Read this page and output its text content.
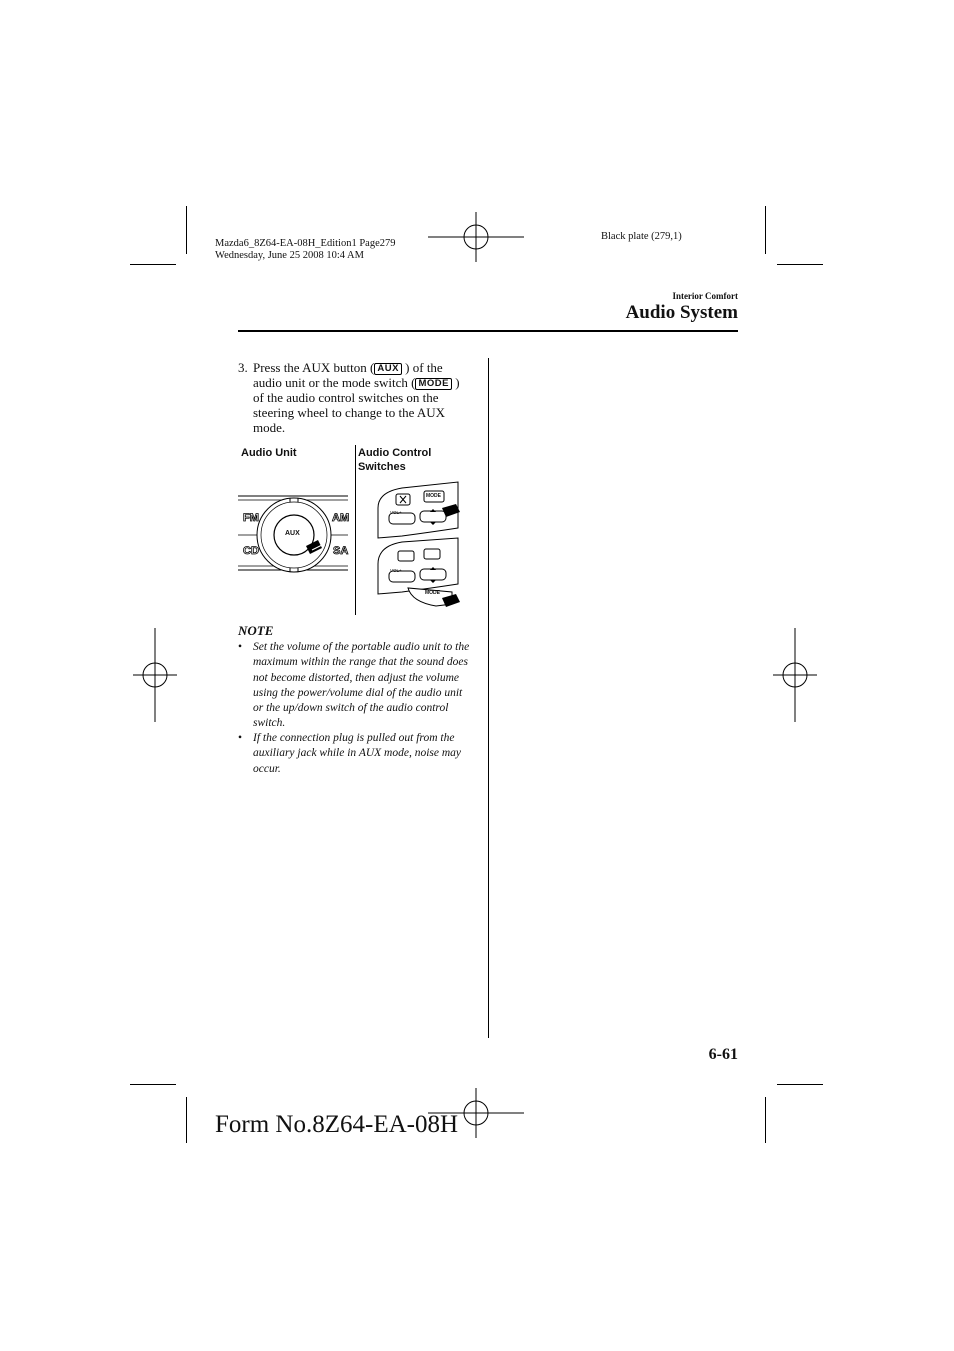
Mazda6_8Z64-EA-08H_Edition1 Page279
Wednesday, June 25 2008 10:4 AM
Black plate (279,1)
Interior Comfort
Audio System
3. Press the AUX button ( AUX ) of the audio unit or the mode switch ( MODE ) of the audio control switches on the steering wheel to change to the AUX mode.
Audio Unit	Audio Control
Switches
FM	AM
CD	SA
AUX
MODE
VOL+
VOL+
MODE
NOTE
• Set the volume of the portable audio unit to the maximum within the range that the sound does not become distorted, then adjust the volume using the power/volume dial of the audio unit or the up/down switch of the audio control switch.
• If the connection plug is pulled out from the auxiliary jack while in AUX mode, noise may occur.
6-61
Form No.8Z64-EA-08H
